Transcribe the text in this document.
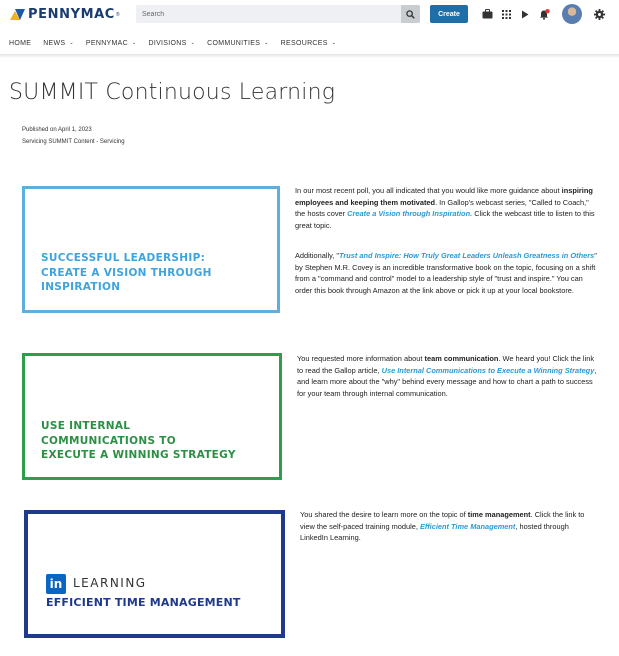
PENNYMAC ®
Search	Create
HOME NEWS ⌄ PENNYMAC ⌄ DIVISIONS ⌄ COMMUNITIES ⌄ RESOURCES ⌄
SUMMIT Continuous Learning
Published on April 1, 2023
Servicing SUMMIT Content - Servicing
SUCCESSFUL LEADERSHIP:
CREATE A VISION THROUGH
INSPIRATION

In our most recent poll, you all indicated that you would like more guidance about inspiring employees and keeping them motivated. In Gallop's webcast series, "Called to Coach," the hosts cover Create a Vision through Inspiration. Click the webcast title to listen to this great topic.

Additionally, "Trust and Inspire: How Truly Great Leaders Unleash Greatness in Others" by Stephen M.R. Covey is an incredible transformative book on the topic, focusing on a shift from a "command and control" model to a leadership style of "trust and inspire." You can order this book through Amazon at the link above or pick it up at your local bookstore.

USE INTERNAL
COMMUNICATIONS TO
EXECUTE A WINNING STRATEGY

You requested more information about team communication. We heard you! Click the link to read the Gallop article, Use Internal Communications to Execute a Winning Strategy, and learn more about the "why" behind every message and how to chart a path to success for your team through internal communication.

in LEARNING
EFFICIENT TIME MANAGEMENT

You shared the desire to learn more on the topic of time management. Click the link to view the self-paced training module, Efficient Time Management, hosted through LinkedIn Learning.
